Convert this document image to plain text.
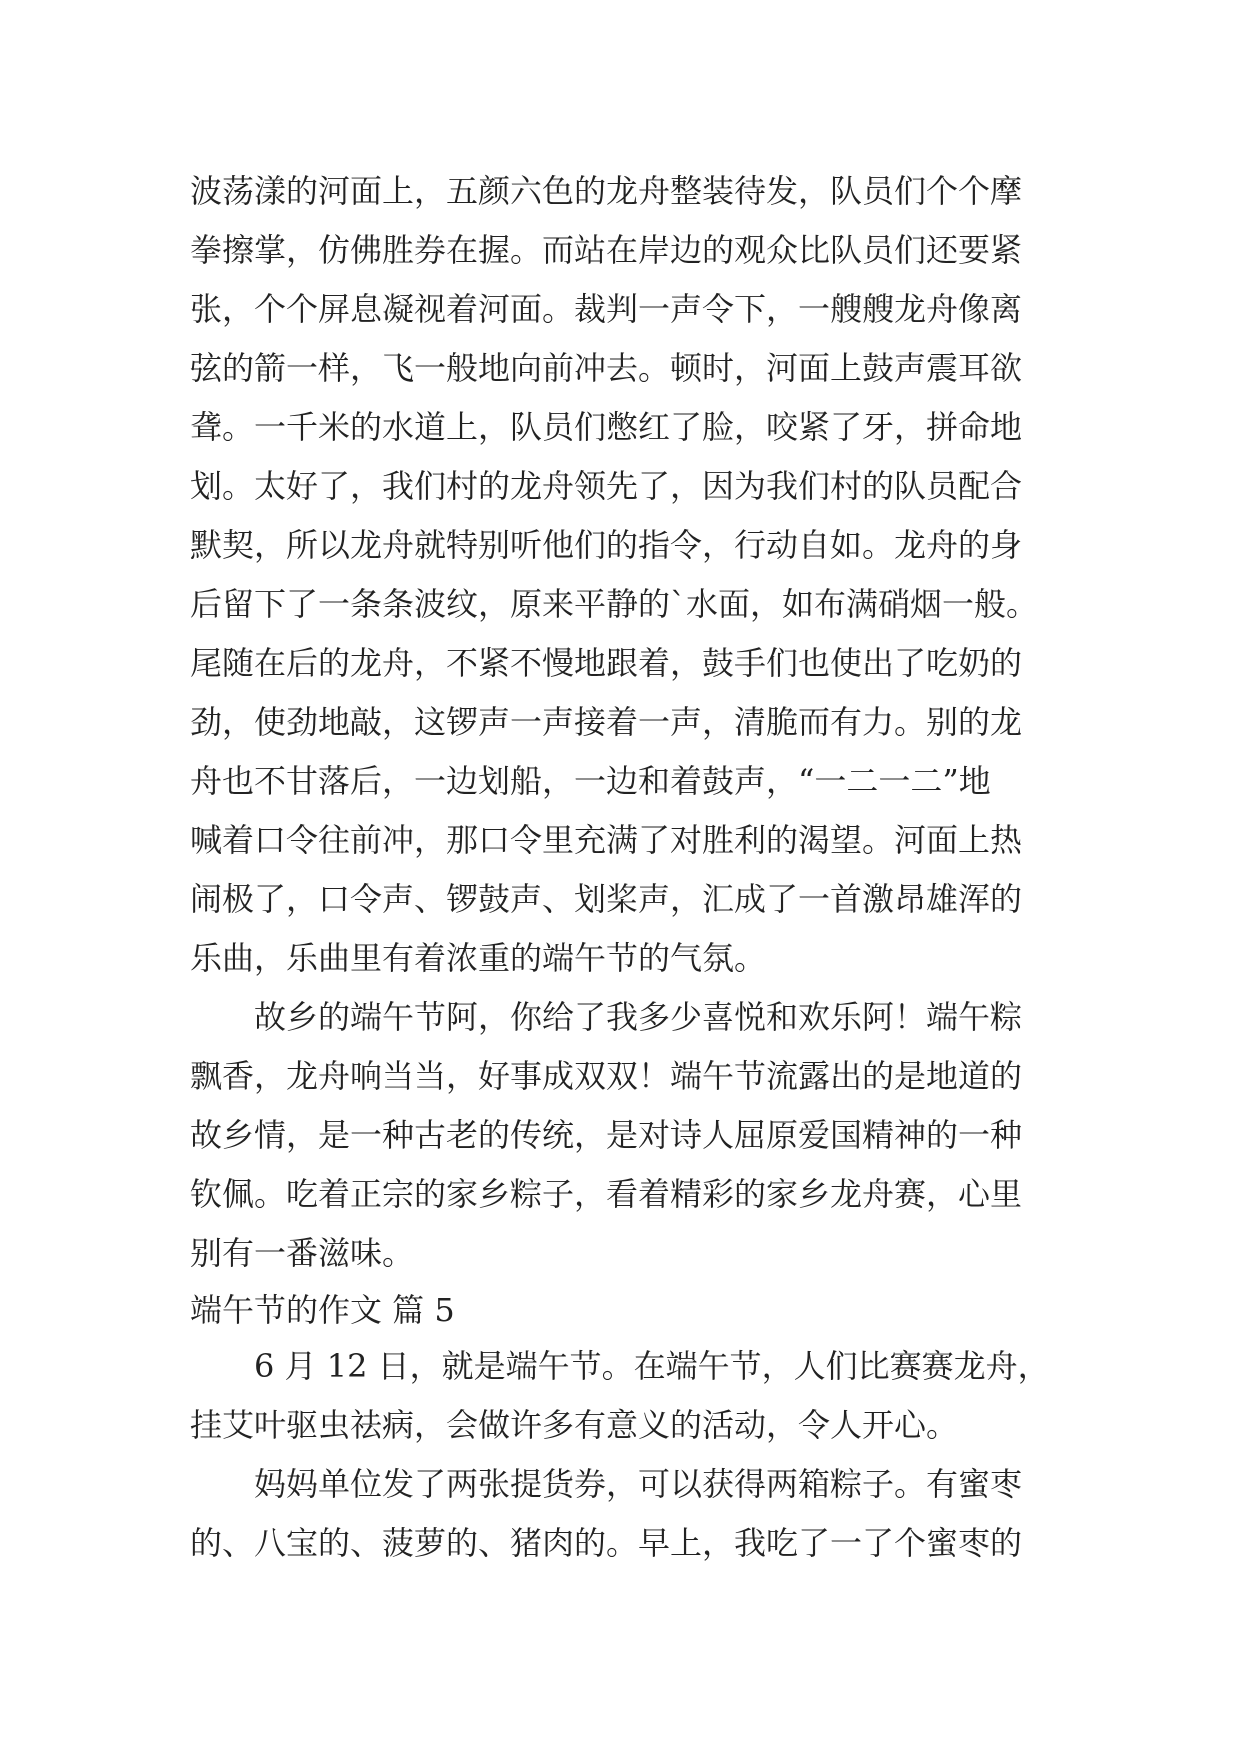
波荡漾的河面上，五颜六色的龙舟整装待发，队员们个个摩
拳擦掌，仿佛胜券在握。而站在岸边的观众比队员们还要紧
张，个个屏息凝视着河面。裁判一声令下，一艘艘龙舟像离
弦的箭一样，飞一般地向前冲去。顿时，河面上鼓声震耳欲
聋。一千米的水道上，队员们憋红了脸，咬紧了牙，拼命地
划。太好了，我们村的龙舟领先了，因为我们村的队员配合
默契，所以龙舟就特别听他们的指令，行动自如。龙舟的身
后留下了一条条波纹，原来平静的`水面，如布满硝烟一般。
尾随在后的龙舟，不紧不慢地跟着，鼓手们也使出了吃奶的
劲，使劲地敲，这锣声一声接着一声，清脆而有力。别的龙
舟也不甘落后，一边划船，一边和着鼓声，“一二一二”地
喊着口令往前冲，那口令里充满了对胜利的渴望。河面上热
闹极了，口令声、锣鼓声、划桨声，汇成了一首激昂雄浑的
乐曲，乐曲里有着浓重的端午节的气氛。
故乡的端午节阿，你给了我多少喜悦和欢乐阿！端午粽
飘香，龙舟响当当，好事成双双！端午节流露出的是地道的
故乡情，是一种古老的传统，是对诗人屈原爱国精神的一种
钦佩。吃着正宗的家乡粽子，看着精彩的家乡龙舟赛，心里
别有一番滋味。
端午节的作文 篇 5
6 月 12 日，就是端午节。在端午节，人们比赛赛龙舟，
挂艾叶驱虫祛病，会做许多有意义的活动，令人开心。
妈妈单位发了两张提货券，可以获得两箱粽子。有蜜枣
的、八宝的、菠萝的、猪肉的。早上，我吃了一了个蜜枣的
